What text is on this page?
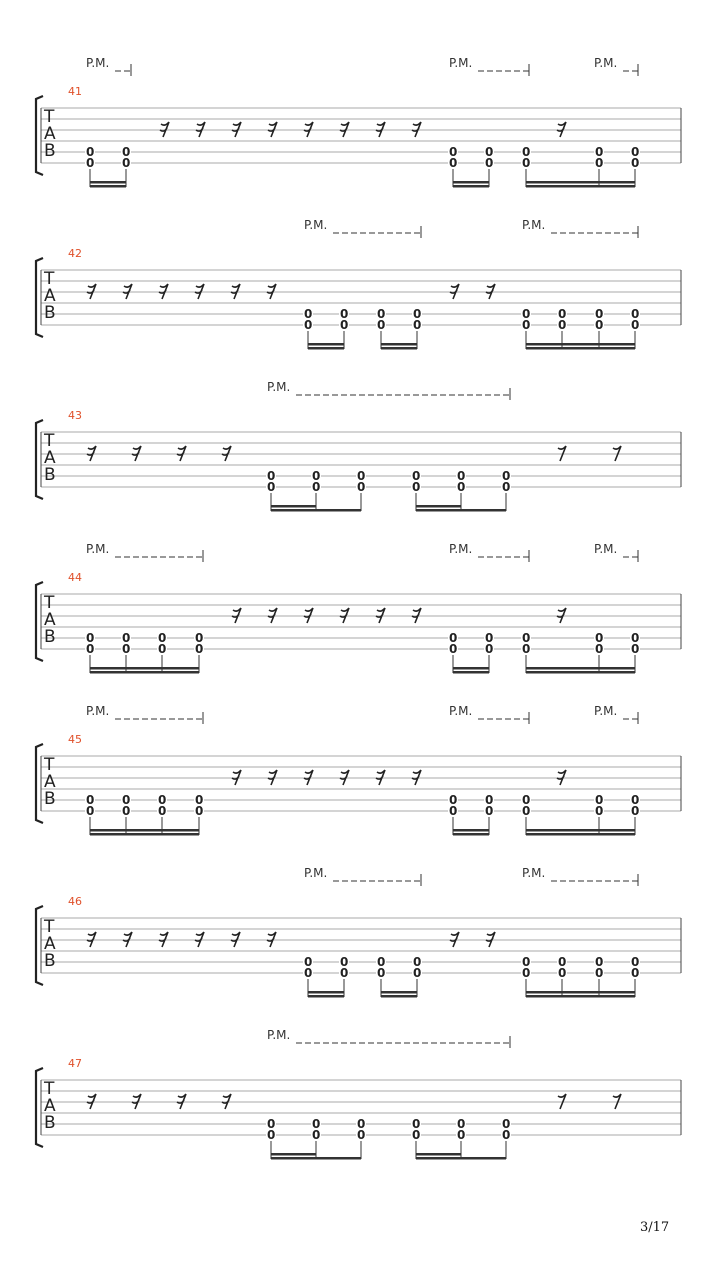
P.M.	P.M.	P.M.
41
T
A
B
𝄿 𝄿 𝄿 𝄿 𝄿 𝄿 𝄿 𝄿	𝄿
0
0
0
0
0
0
0
0
0
0
0
0
0
0
P.M.	P.M.
42
T
A
B
𝄿 𝄿 𝄿 𝄿 𝄿 𝄿	𝄿 𝄿
0
0
0
0
0
0
0
0
0
0
0
0
0
0
0
0
P.M.
43
T
A
B
𝄿 𝄿 𝄿 𝄿	𝄾	𝄾
0
0
0
0
0
0
0
0
0
0
0
0
P.M.	P.M.	P.M.
44
T
A
B
𝄿 𝄿 𝄿 𝄿 𝄿 𝄿	𝄿
0
0
0
0
0
0
0
0
0
0
0
0
0
0
0
0
0
0
P.M.	P.M.	P.M.
45
T
A
B
𝄿 𝄿 𝄿 𝄿 𝄿 𝄿	𝄿
0
0
0
0
0
0
0
0
0
0
0
0
0
0
0
0
0
0
P.M.	P.M.
46
T
A
B
𝄿 𝄿 𝄿 𝄿 𝄿 𝄿	𝄿 𝄿
0
0
0
0
0
0
0
0
0
0
0
0
0
0
0
0
P.M.
47
T
A
B
𝄿 𝄿 𝄿 𝄿	𝄾	𝄾
0
0
0
0
0
0
0
0
0
0
0
0
3/17
